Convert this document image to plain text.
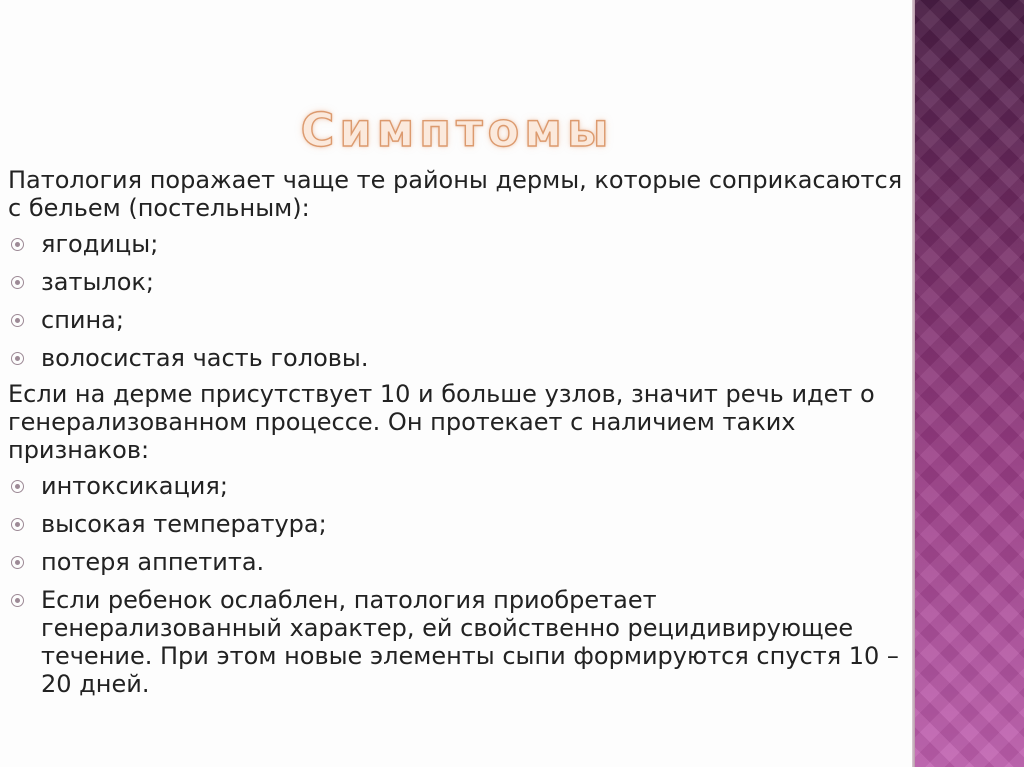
Симптомы

Патология поражает чаще те районы дермы, которые соприкасаются с бельем (постельным):

ягодицы;
затылок;
спина;
волосистая часть головы.

Если на дерме присутствует 10 и больше узлов, значит речь идет о генерализованном процессе. Он протекает с наличием таких признаков:

интоксикация;
высокая температура;
потеря аппетита.
Если ребенок ослаблен, патология приобретает генерализованный характер, ей свойственно рецидивирующее течение. При этом новые элементы сыпи формируются спустя 10 – 20 дней.
